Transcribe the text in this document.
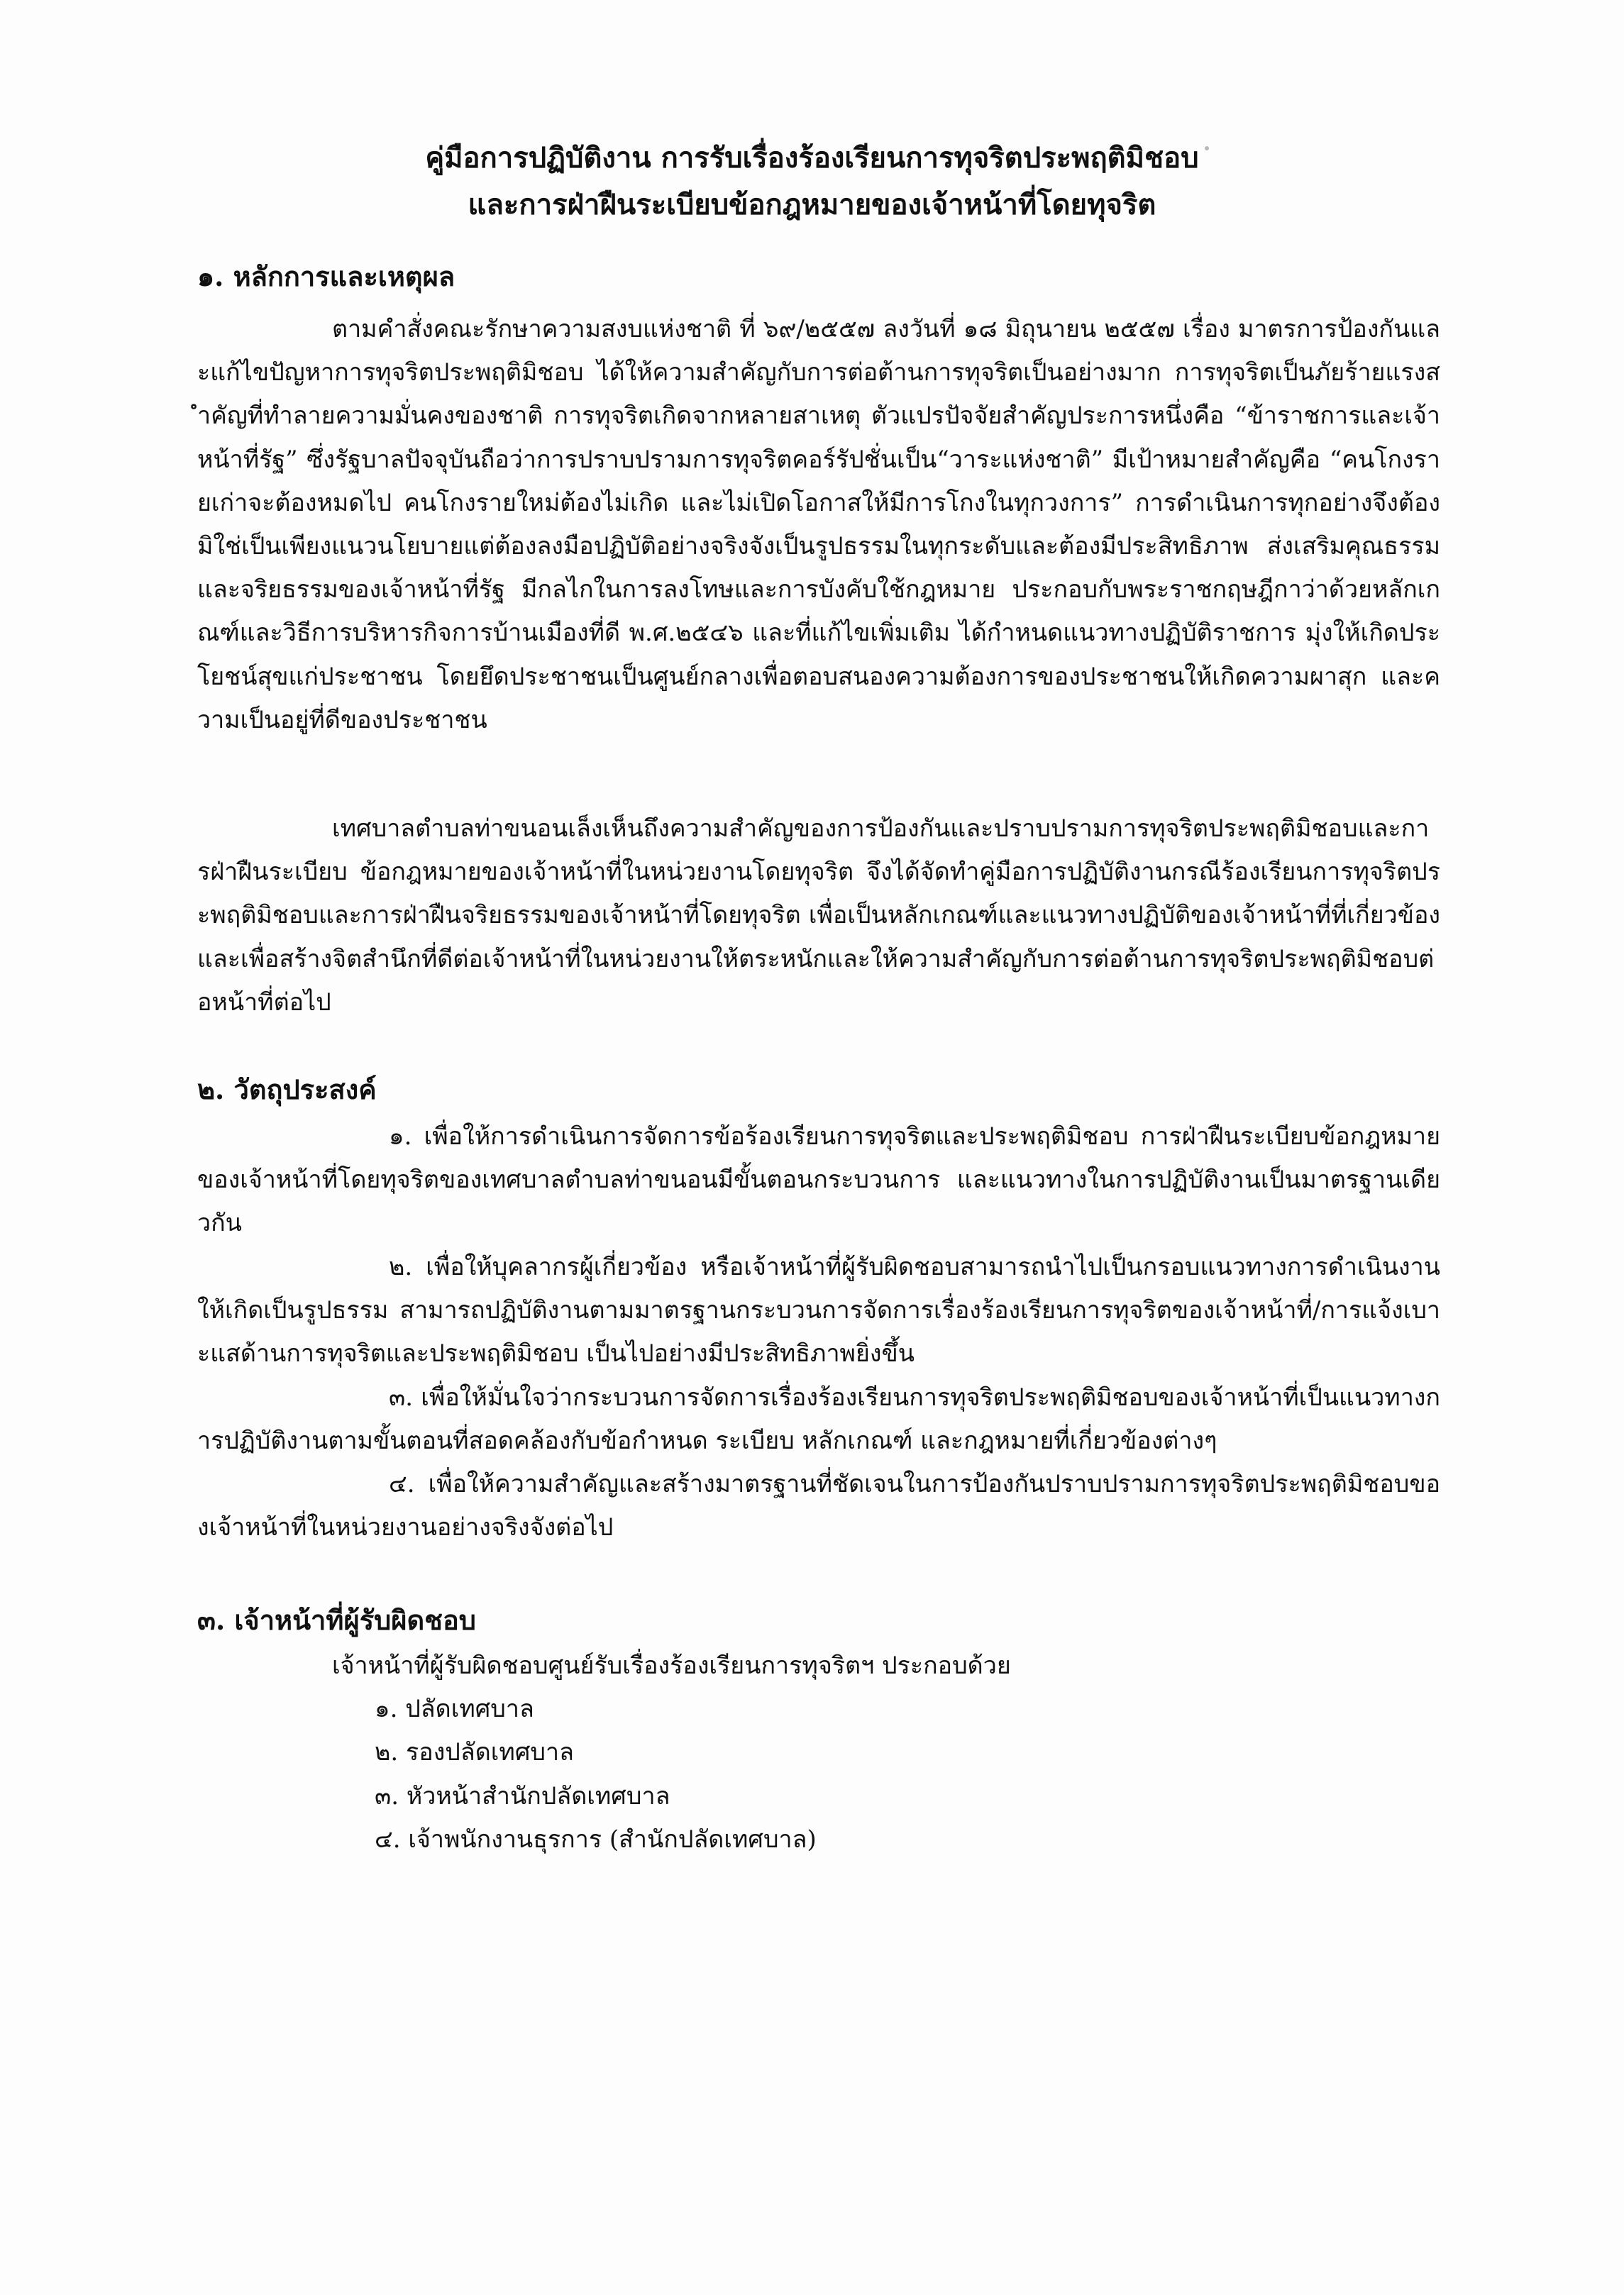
คู่มือการปฏิบัติงาน การรับเรื่องร้องเรียนการทุจริตประพฤติมิชอบ
และการฝ่าฝืนระเบียบข้อกฎหมายของเจ้าหน้าที่โดยทุจริต
๑. หลักการและเหตุผล
ตามคำสั่งคณะรักษาความสงบแห่งชาติ ที่ ๖๙/๒๕๕๗ ลงวันที่ ๑๘ มิถุนายน ๒๕๕๗ เรื่อง มาตรการป้องกันและแก้ไขปัญหาการทุจริตประพฤติมิชอบ ได้ให้ความสำคัญกับการต่อต้านการทุจริตเป็นอย่างมาก การทุจริตเป็นภัยร้ายแรงสำคัญที่ทำลายความมั่นคงของชาติ การทุจริตเกิดจากหลายสาเหตุ ตัวแปรปัจจัยสำคัญประการหนึ่งคือ “ข้าราชการและเจ้าหน้าที่รัฐ” ซึ่งรัฐบาลปัจจุบันถือว่าการปราบปรามการทุจริตคอร์รัปชั่นเป็น“วาระแห่งชาติ” มีเป้าหมายสำคัญคือ “คนโกงรายเก่าจะต้องหมดไป คนโกงรายใหม่ต้องไม่เกิด และไม่เปิดโอกาสให้มีการโกงในทุกวงการ” การดำเนินการทุกอย่างจึงต้องมิใช่เป็นเพียงแนวนโยบายแต่ต้องลงมือปฏิบัติอย่างจริงจังเป็นรูปธรรมในทุกระดับและต้องมีประสิทธิภาพ ส่งเสริมคุณธรรมและจริยธรรมของเจ้าหน้าที่รัฐ มีกลไกในการลงโทษและการบังคับใช้กฎหมาย ประกอบกับพระราชกฤษฎีกาว่าด้วยหลักเกณฑ์และวิธีการบริหารกิจการบ้านเมืองที่ดี พ.ศ.๒๕๔๖ และที่แก้ไขเพิ่มเติม ได้กำหนดแนวทางปฏิบัติราชการ มุ่งให้เกิดประโยชน์สุขแก่ประชาชน โดยยึดประชาชนเป็นศูนย์กลางเพื่อตอบสนองความต้องการของประชาชนให้เกิดความผาสุก และความเป็นอยู่ที่ดีของประชาชน
เทศบาลตำบลท่าขนอนเล็งเห็นถึงความสำคัญของการป้องกันและปราบปรามการทุจริตประพฤติมิชอบและการฝ่าฝืนระเบียบ ข้อกฎหมายของเจ้าหน้าที่ในหน่วยงานโดยทุจริต จึงได้จัดทำคู่มือการปฏิบัติงานกรณีร้องเรียนการทุจริตประพฤติมิชอบและการฝ่าฝืนจริยธรรมของเจ้าหน้าที่โดยทุจริต เพื่อเป็นหลักเกณฑ์และแนวทางปฏิบัติของเจ้าหน้าที่ที่เกี่ยวข้องและเพื่อสร้างจิตสำนึกที่ดีต่อเจ้าหน้าที่ในหน่วยงานให้ตระหนักและให้ความสำคัญกับการต่อต้านการทุจริตประพฤติมิชอบต่อหน้าที่ต่อไป
๒. วัตถุประสงค์
๑. เพื่อให้การดำเนินการจัดการข้อร้องเรียนการทุจริตและประพฤติมิชอบ การฝ่าฝืนระเบียบข้อกฎหมายของเจ้าหน้าที่โดยทุจริตของเทศบาลตำบลท่าขนอนมีขั้นตอนกระบวนการ และแนวทางในการปฏิบัติงานเป็นมาตรฐานเดียวกัน
๒. เพื่อให้บุคลากรผู้เกี่ยวข้อง หรือเจ้าหน้าที่ผู้รับผิดชอบสามารถนำไปเป็นกรอบแนวทางการดำเนินงานให้เกิดเป็นรูปธรรม สามารถปฏิบัติงานตามมาตรฐานกระบวนการจัดการเรื่องร้องเรียนการทุจริตของเจ้าหน้าที่/การแจ้งเบาะแสด้านการทุจริตและประพฤติมิชอบ เป็นไปอย่างมีประสิทธิภาพยิ่งขึ้น
๓. เพื่อให้มั่นใจว่ากระบวนการจัดการเรื่องร้องเรียนการทุจริตประพฤติมิชอบของเจ้าหน้าที่เป็นแนวทางการปฏิบัติงานตามขั้นตอนที่สอดคล้องกับข้อกำหนด ระเบียบ หลักเกณฑ์ และกฎหมายที่เกี่ยวข้องต่างๆ
๔. เพื่อให้ความสำคัญและสร้างมาตรฐานที่ชัดเจนในการป้องกันปราบปรามการทุจริตประพฤติมิชอบของเจ้าหน้าที่ในหน่วยงานอย่างจริงจังต่อไป
๓. เจ้าหน้าที่ผู้รับผิดชอบ
เจ้าหน้าที่ผู้รับผิดชอบศูนย์รับเรื่องร้องเรียนการทุจริตฯ ประกอบด้วย
๑. ปลัดเทศบาล
๒. รองปลัดเทศบาล
๓. หัวหน้าสำนักปลัดเทศบาล
๔. เจ้าพนักงานธุรการ (สำนักปลัดเทศบาล)
